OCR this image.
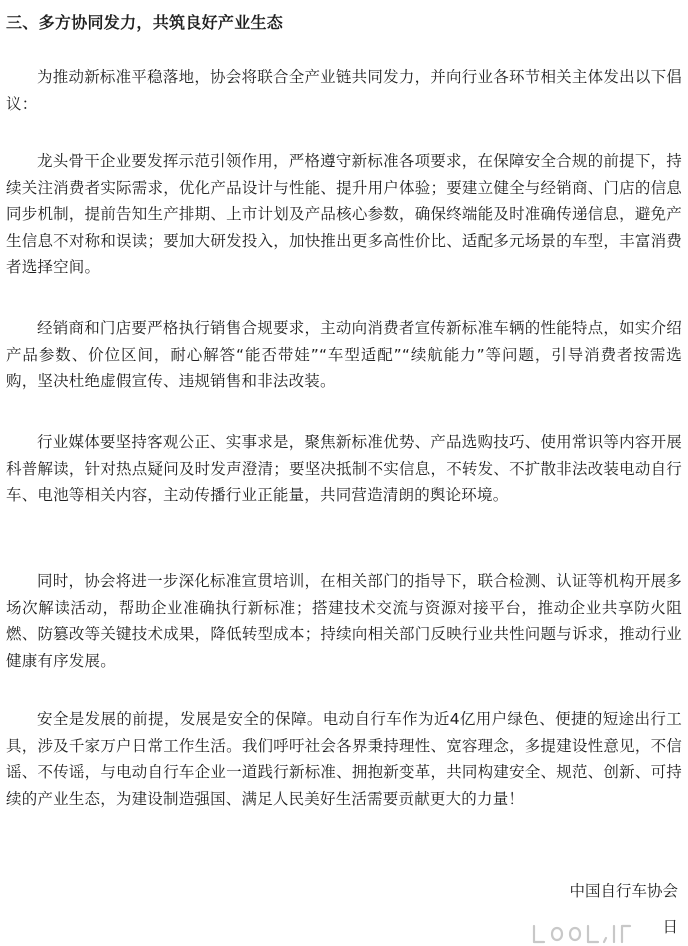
三、多方协同发力，共筑良好产业生态

为推动新标准平稳落地，协会将联合全产业链共同发力，并向行业各环节相关主体发出以下倡议：

龙头骨干企业要发挥示范引领作用，严格遵守新标准各项要求，在保障安全合规的前提下，持续关注消费者实际需求，优化产品设计与性能、提升用户体验；要建立健全与经销商、门店的信息同步机制，提前告知生产排期、上市计划及产品核心参数，确保终端能及时准确传递信息，避免产生信息不对称和误读；要加大研发投入，加快推出更多高性价比、适配多元场景的车型，丰富消费者选择空间。

经销商和门店要严格执行销售合规要求，主动向消费者宣传新标准车辆的性能特点，如实介绍产品参数、价位区间，耐心解答“能否带娃”“车型适配”“续航能力”等问题，引导消费者按需选购，坚决杜绝虚假宣传、违规销售和非法改装。

行业媒体要坚持客观公正、实事求是，聚焦新标准优势、产品选购技巧、使用常识等内容开展科普解读，针对热点疑问及时发声澄清；要坚决抵制不实信息，不转发、不扩散非法改装电动自行车、电池等相关内容，主动传播行业正能量，共同营造清朗的舆论环境。

同时，协会将进一步深化标准宣贯培训，在相关部门的指导下，联合检测、认证等机构开展多场次解读活动，帮助企业准确执行新标准；搭建技术交流与资源对接平台，推动企业共享防火阻燃、防篡改等关键技术成果，降低转型成本；持续向相关部门反映行业共性问题与诉求，推动行业健康有序发展。

安全是发展的前提，发展是安全的保障。电动自行车作为近4亿用户绿色、便捷的短途出行工具，涉及千家万户日常工作生活。我们呼吁社会各界秉持理性、宽容理念，多提建设性意见，不信谣、不传谣，与电动自行车企业一道践行新标准、拥抱新变革，共同构建安全、规范、创新、可持续的产业生态，为建设制造强国、满足人民美好生活需要贡献更大的力量！

中国自行车协会
日
